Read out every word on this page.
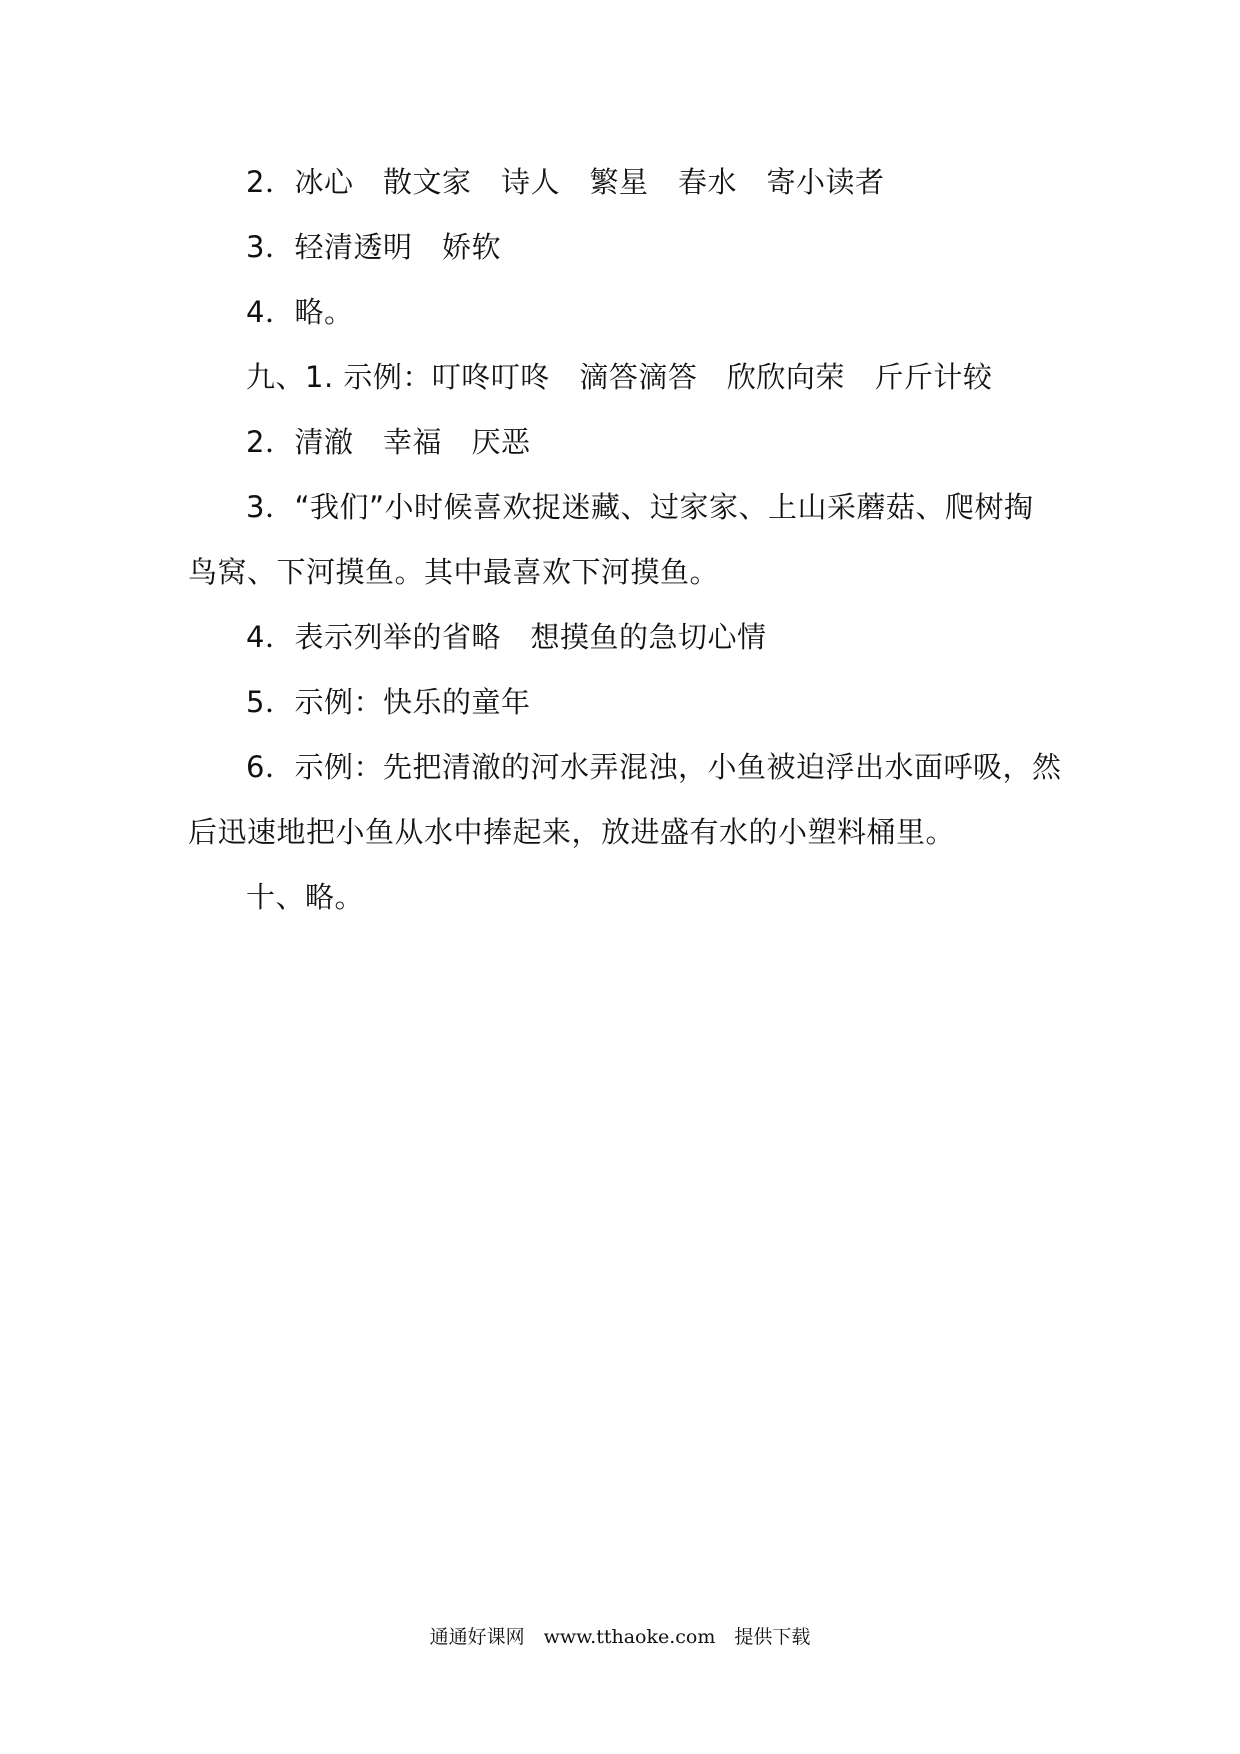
2．冰心　散文家　诗人　繁星　春水　寄小读者
3．轻清透明　娇软
4．略。
九、1. 示例：叮咚叮咚　滴答滴答　欣欣向荣　斤斤计较
2．清澈　幸福　厌恶
3．“我们”小时候喜欢捉迷藏、过家家、上山采蘑菇、爬树掏
鸟窝、下河摸鱼。其中最喜欢下河摸鱼。
4．表示列举的省略　想摸鱼的急切心情
5．示例：快乐的童年
6．示例：先把清澈的河水弄混浊，小鱼被迫浮出水面呼吸，然
后迅速地把小鱼从水中捧起来，放进盛有水的小塑料桶里。
十、略。
通通好课网　www.tthaoke.com　提供下载
